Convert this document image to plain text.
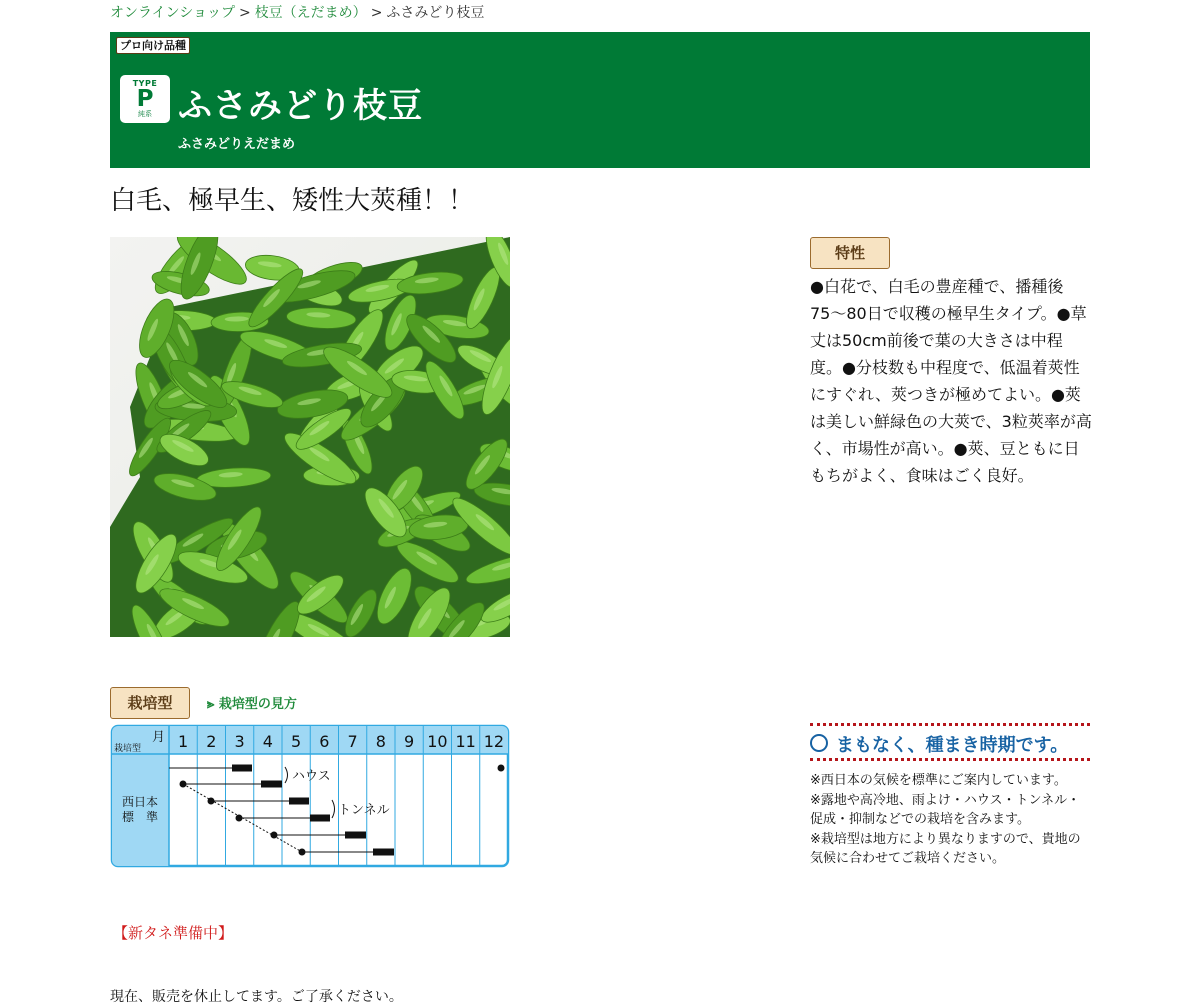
オンラインショップ > 枝豆（えだまめ） > ふさみどり枝豆
プロ向け品種
TYPE
P
純系 ふさみどり枝豆
ふさみどりえだまめ
白毛、極早生、矮性大莢種！！
特性
●白花で、白毛の豊産種で、播種後75〜80日で収穫の極早生タイプ。●草丈は50cm前後で葉の大きさは中程度。●分枝数も中程度で、低温着莢性にすぐれ、莢つきが極めてよい。●莢は美しい鮮緑色の大莢で、3粒莢率が高く、市場性が高い。●莢、豆ともに日もちがよく、食味はごく良好。
栽培型	⪢ 栽培型の見方
1 2 3 4 5 6 7 8 9 10 11 12
月
栽培型
西日本
標　準
ハウス
トンネル
まもなく、種まき時期です。

※西日本の気候を標準にご案内しています。

※露地や高冷地、雨よけ・ハウス・トンネル・促成・抑制などでの栽培を含みます。

※栽培型は地方により異なりますので、貴地の気候に合わせてご栽培ください。

【新タネ準備中】
現在、販売を休止してます。ご了承ください。
